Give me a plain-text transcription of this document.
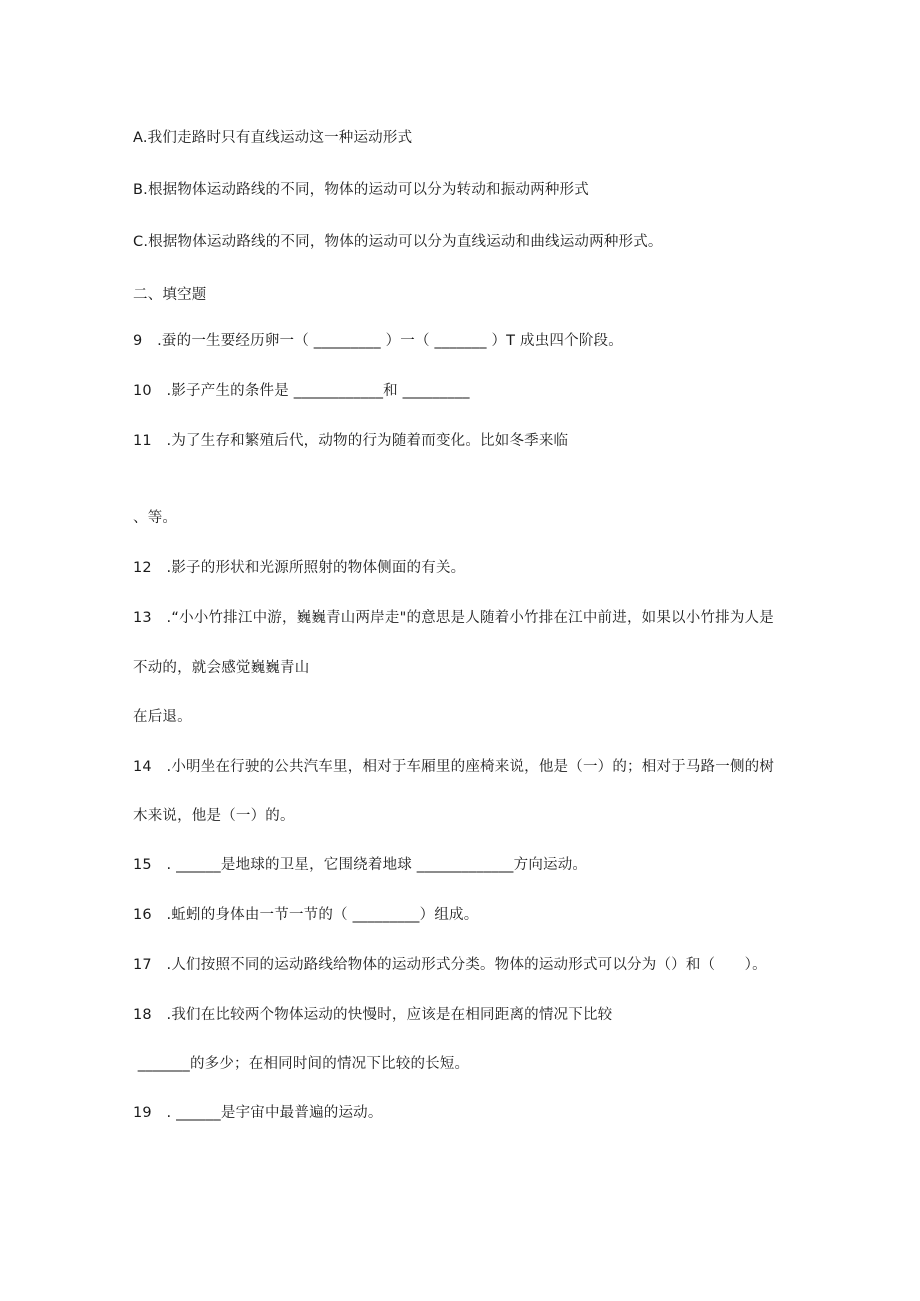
A.我们走路时只有直线运动这一种运动形式
B.根据物体运动路线的不同，物体的运动可以分为转动和振动两种形式
C.根据物体运动路线的不同，物体的运动可以分为直线运动和曲线运动两种形式。
二、填空题
9　.蚕的一生要经历卵一（ _________ ）一（ _______ ）T 成虫四个阶段。
10　.影子产生的条件是 ____________和 _________
11　.为了生存和繁殖后代，动物的行为随着而变化。比如冬季来临
、等。
12　.影子的形状和光源所照射的物体侧面的有关。
13　.“小小竹排江中游，巍巍青山两岸走"的意思是人随着小竹排在江中前进，如果以小竹排为人是
不动的，就会感觉巍巍青山
在后退。
14　.小明坐在行驶的公共汽车里，相对于车厢里的座椅来说，他是（一）的；相对于马路一侧的树
木来说，他是（一）的。
15　. ______是地球的卫星，它围绕着地球 _____________方向运动。
16　.蚯蚓的身体由一节一节的（ _________）组成。
17　.人们按照不同的运动路线给物体的运动形式分类。物体的运动形式可以分为（）和（　　）。
18　.我们在比较两个物体运动的快慢时，应该是在相同距离的情况下比较
_______的多少；在相同时间的情况下比较的长短。
19　. ______是宇宙中最普遍的运动。
